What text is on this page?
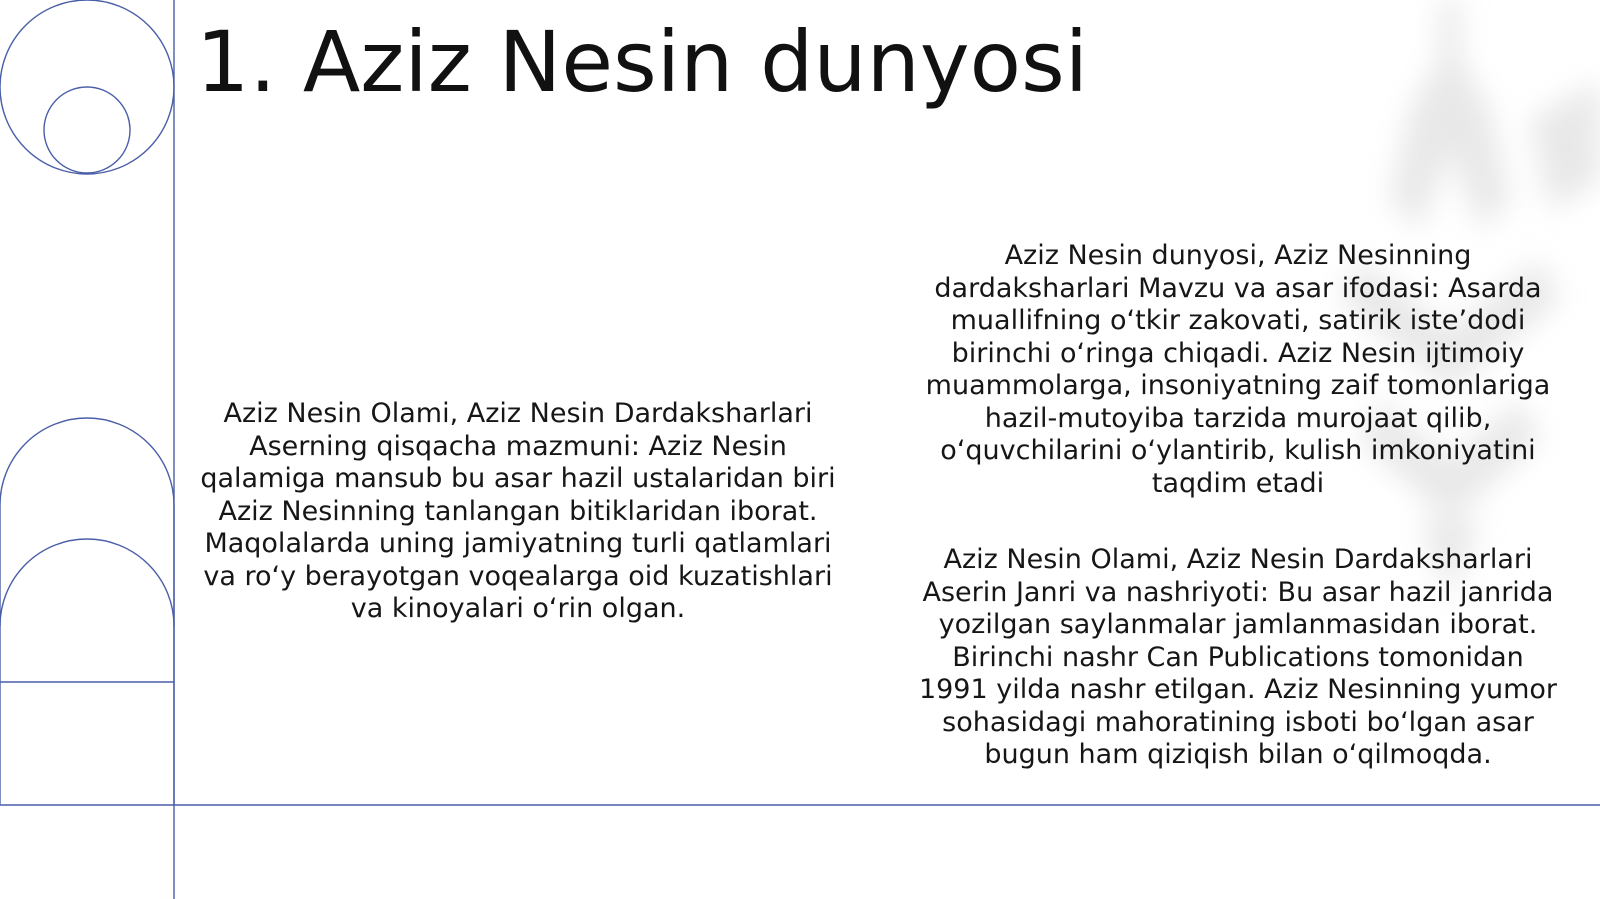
1. Aziz Nesin dunyosi

Aziz Nesin Olami, Aziz Nesin Dardaksharlari Aserning qisqacha mazmuni: Aziz Nesin qalamiga mansub bu asar hazil ustalaridan biri Aziz Nesinning tanlangan bitiklaridan iborat. Maqolalarda uning jamiyatning turli qatlamlari va ro‘y berayotgan voqealarga oid kuzatishlari va kinoyalari o‘rin olgan.

Aziz Nesin dunyosi, Aziz Nesinning dardaksharlari Mavzu va asar ifodasi: Asarda muallifning o‘tkir zakovati, satirik iste’dodi birinchi o‘ringa chiqadi. Aziz Nesin ijtimoiy muammolarga, insoniyatning zaif tomonlariga hazil-mutoyiba tarzida murojaat qilib, o‘quvchilarini o‘ylantirib, kulish imkoniyatini taqdim etadi

Aziz Nesin Olami, Aziz Nesin Dardaksharlari Aserin Janri va nashriyoti: Bu asar hazil janrida yozilgan saylanmalar jamlanmasidan iborat. Birinchi nashr Can Publications tomonidan 1991 yilda nashr etilgan. Aziz Nesinning yumor sohasidagi mahoratining isboti bo‘lgan asar bugun ham qiziqish bilan o‘qilmoqda.
